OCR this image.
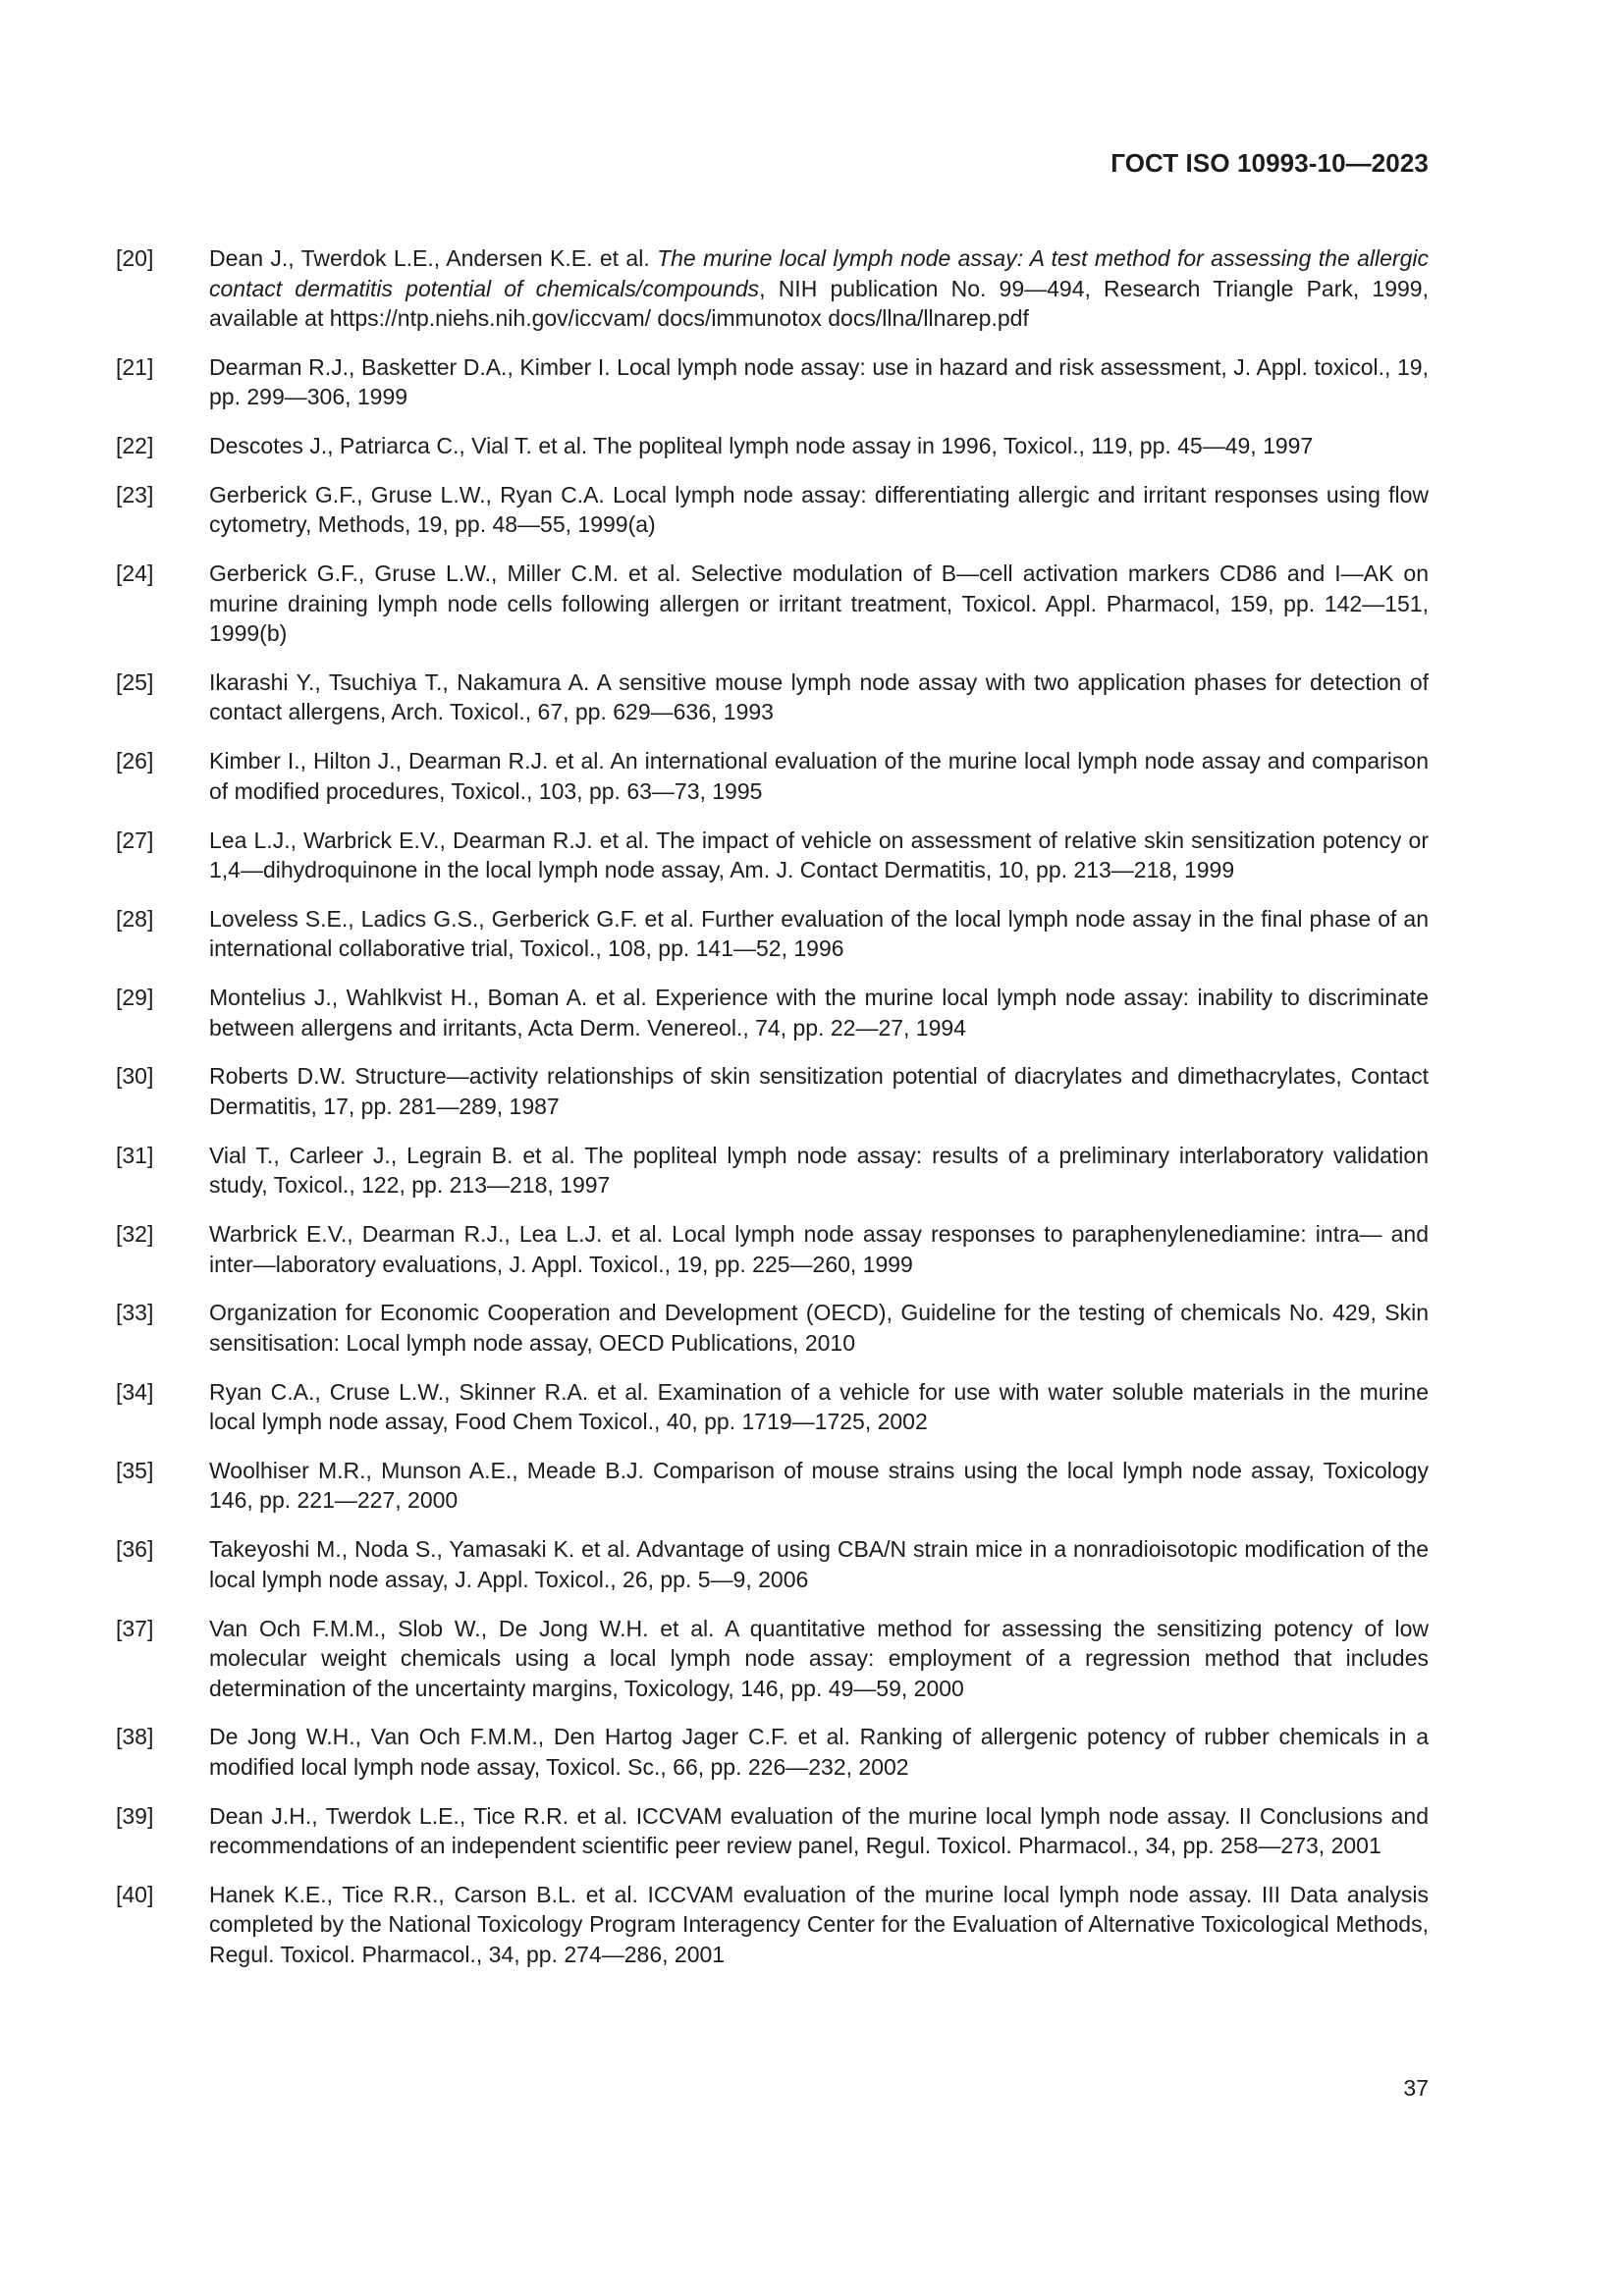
ГОСТ ISO 10993-10—2023
[20]	Dean J., Twerdok L.E., Andersen K.E. et al. The murine local lymph node assay: A test method for assessing the allergic contact dermatitis potential of chemicals/compounds, NIH publication No. 99—494, Research Triangle Park, 1999, available at https://ntp.niehs.nih.gov/iccvam/ docs/immunotox docs/llna/llnarep.pdf
[21]	Dearman R.J., Basketter D.A., Kimber I. Local lymph node assay: use in hazard and risk assessment, J. Appl. toxicol., 19, pp. 299—306, 1999
[22]	Descotes J., Patriarca C., Vial T. et al. The popliteal lymph node assay in 1996, Toxicol., 119, pp. 45—49, 1997
[23]	Gerberick G.F., Gruse L.W., Ryan C.A. Local lymph node assay: differentiating allergic and irritant responses using flow cytometry, Methods, 19, pp. 48—55, 1999(a)
[24]	Gerberick G.F., Gruse L.W., Miller C.M. et al. Selective modulation of B—cell activation markers CD86 and I—AK on murine draining lymph node cells following allergen or irritant treatment, Toxicol. Appl. Pharmacol, 159, pp. 142—151, 1999(b)
[25]	Ikarashi Y., Tsuchiya T., Nakamura A. A sensitive mouse lymph node assay with two application phases for detection of contact allergens, Arch. Toxicol., 67, pp. 629—636, 1993
[26]	Kimber I., Hilton J., Dearman R.J. et al. An international evaluation of the murine local lymph node assay and comparison of modified procedures, Toxicol., 103, pp. 63—73, 1995
[27]	Lea L.J., Warbrick E.V., Dearman R.J. et al. The impact of vehicle on assessment of relative skin sensitization potency or 1,4—dihydroquinone in the local lymph node assay, Am. J. Contact Dermatitis, 10, pp. 213—218, 1999
[28]	Loveless S.E., Ladics G.S., Gerberick G.F. et al. Further evaluation of the local lymph node assay in the final phase of an international collaborative trial, Toxicol., 108, pp. 141—52, 1996
[29]	Montelius J., Wahlkvist H., Boman A. et al. Experience with the murine local lymph node assay: inability to discriminate between allergens and irritants, Acta Derm. Venereol., 74, pp. 22—27, 1994
[30]	Roberts D.W. Structure—activity relationships of skin sensitization potential of diacrylates and dimethacrylates, Contact Dermatitis, 17, pp. 281—289, 1987
[31]	Vial T., Carleer J., Legrain B. et al. The popliteal lymph node assay: results of a preliminary interlaboratory validation study, Toxicol., 122, pp. 213—218, 1997
[32]	Warbrick E.V., Dearman R.J., Lea L.J. et al. Local lymph node assay responses to paraphenylenediamine: intra— and inter—laboratory evaluations, J. Appl. Toxicol., 19, pp. 225—260, 1999
[33]	Organization for Economic Cooperation and Development (OECD), Guideline for the testing of chemicals No. 429, Skin sensitisation: Local lymph node assay, OECD Publications, 2010
[34]	Ryan C.A., Cruse L.W., Skinner R.A. et al. Examination of a vehicle for use with water soluble materials in the murine local lymph node assay, Food Chem Toxicol., 40, pp. 1719—1725, 2002
[35]	Woolhiser M.R., Munson A.E., Meade B.J. Comparison of mouse strains using the local lymph node assay, Toxicology 146, pp. 221—227, 2000
[36]	Takeyoshi M., Noda S., Yamasaki K. et al. Advantage of using CBA/N strain mice in a nonradioisotopic modification of the local lymph node assay, J. Appl. Toxicol., 26, pp. 5—9, 2006
[37]	Van Och F.M.M., Slob W., De Jong W.H. et al. A quantitative method for assessing the sensitizing potency of low molecular weight chemicals using a local lymph node assay: employment of a regression method that includes determination of the uncertainty margins, Toxicology, 146, pp. 49—59, 2000
[38]	De Jong W.H., Van Och F.M.M., Den Hartog Jager C.F. et al. Ranking of allergenic potency of rubber chemicals in a modified local lymph node assay, Toxicol. Sc., 66, pp. 226—232, 2002
[39]	Dean J.H., Twerdok L.E., Tice R.R. et al. ICCVAM evaluation of the murine local lymph node assay. II Conclusions and recommendations of an independent scientific peer review panel, Regul. Toxicol. Pharmacol., 34, pp. 258—273, 2001
[40]	Hanek K.E., Tice R.R., Carson B.L. et al. ICCVAM evaluation of the murine local lymph node assay. III Data analysis completed by the National Toxicology Program Interagency Center for the Evaluation of Alternative Toxicological Methods, Regul. Toxicol. Pharmacol., 34, pp. 274—286, 2001
37
